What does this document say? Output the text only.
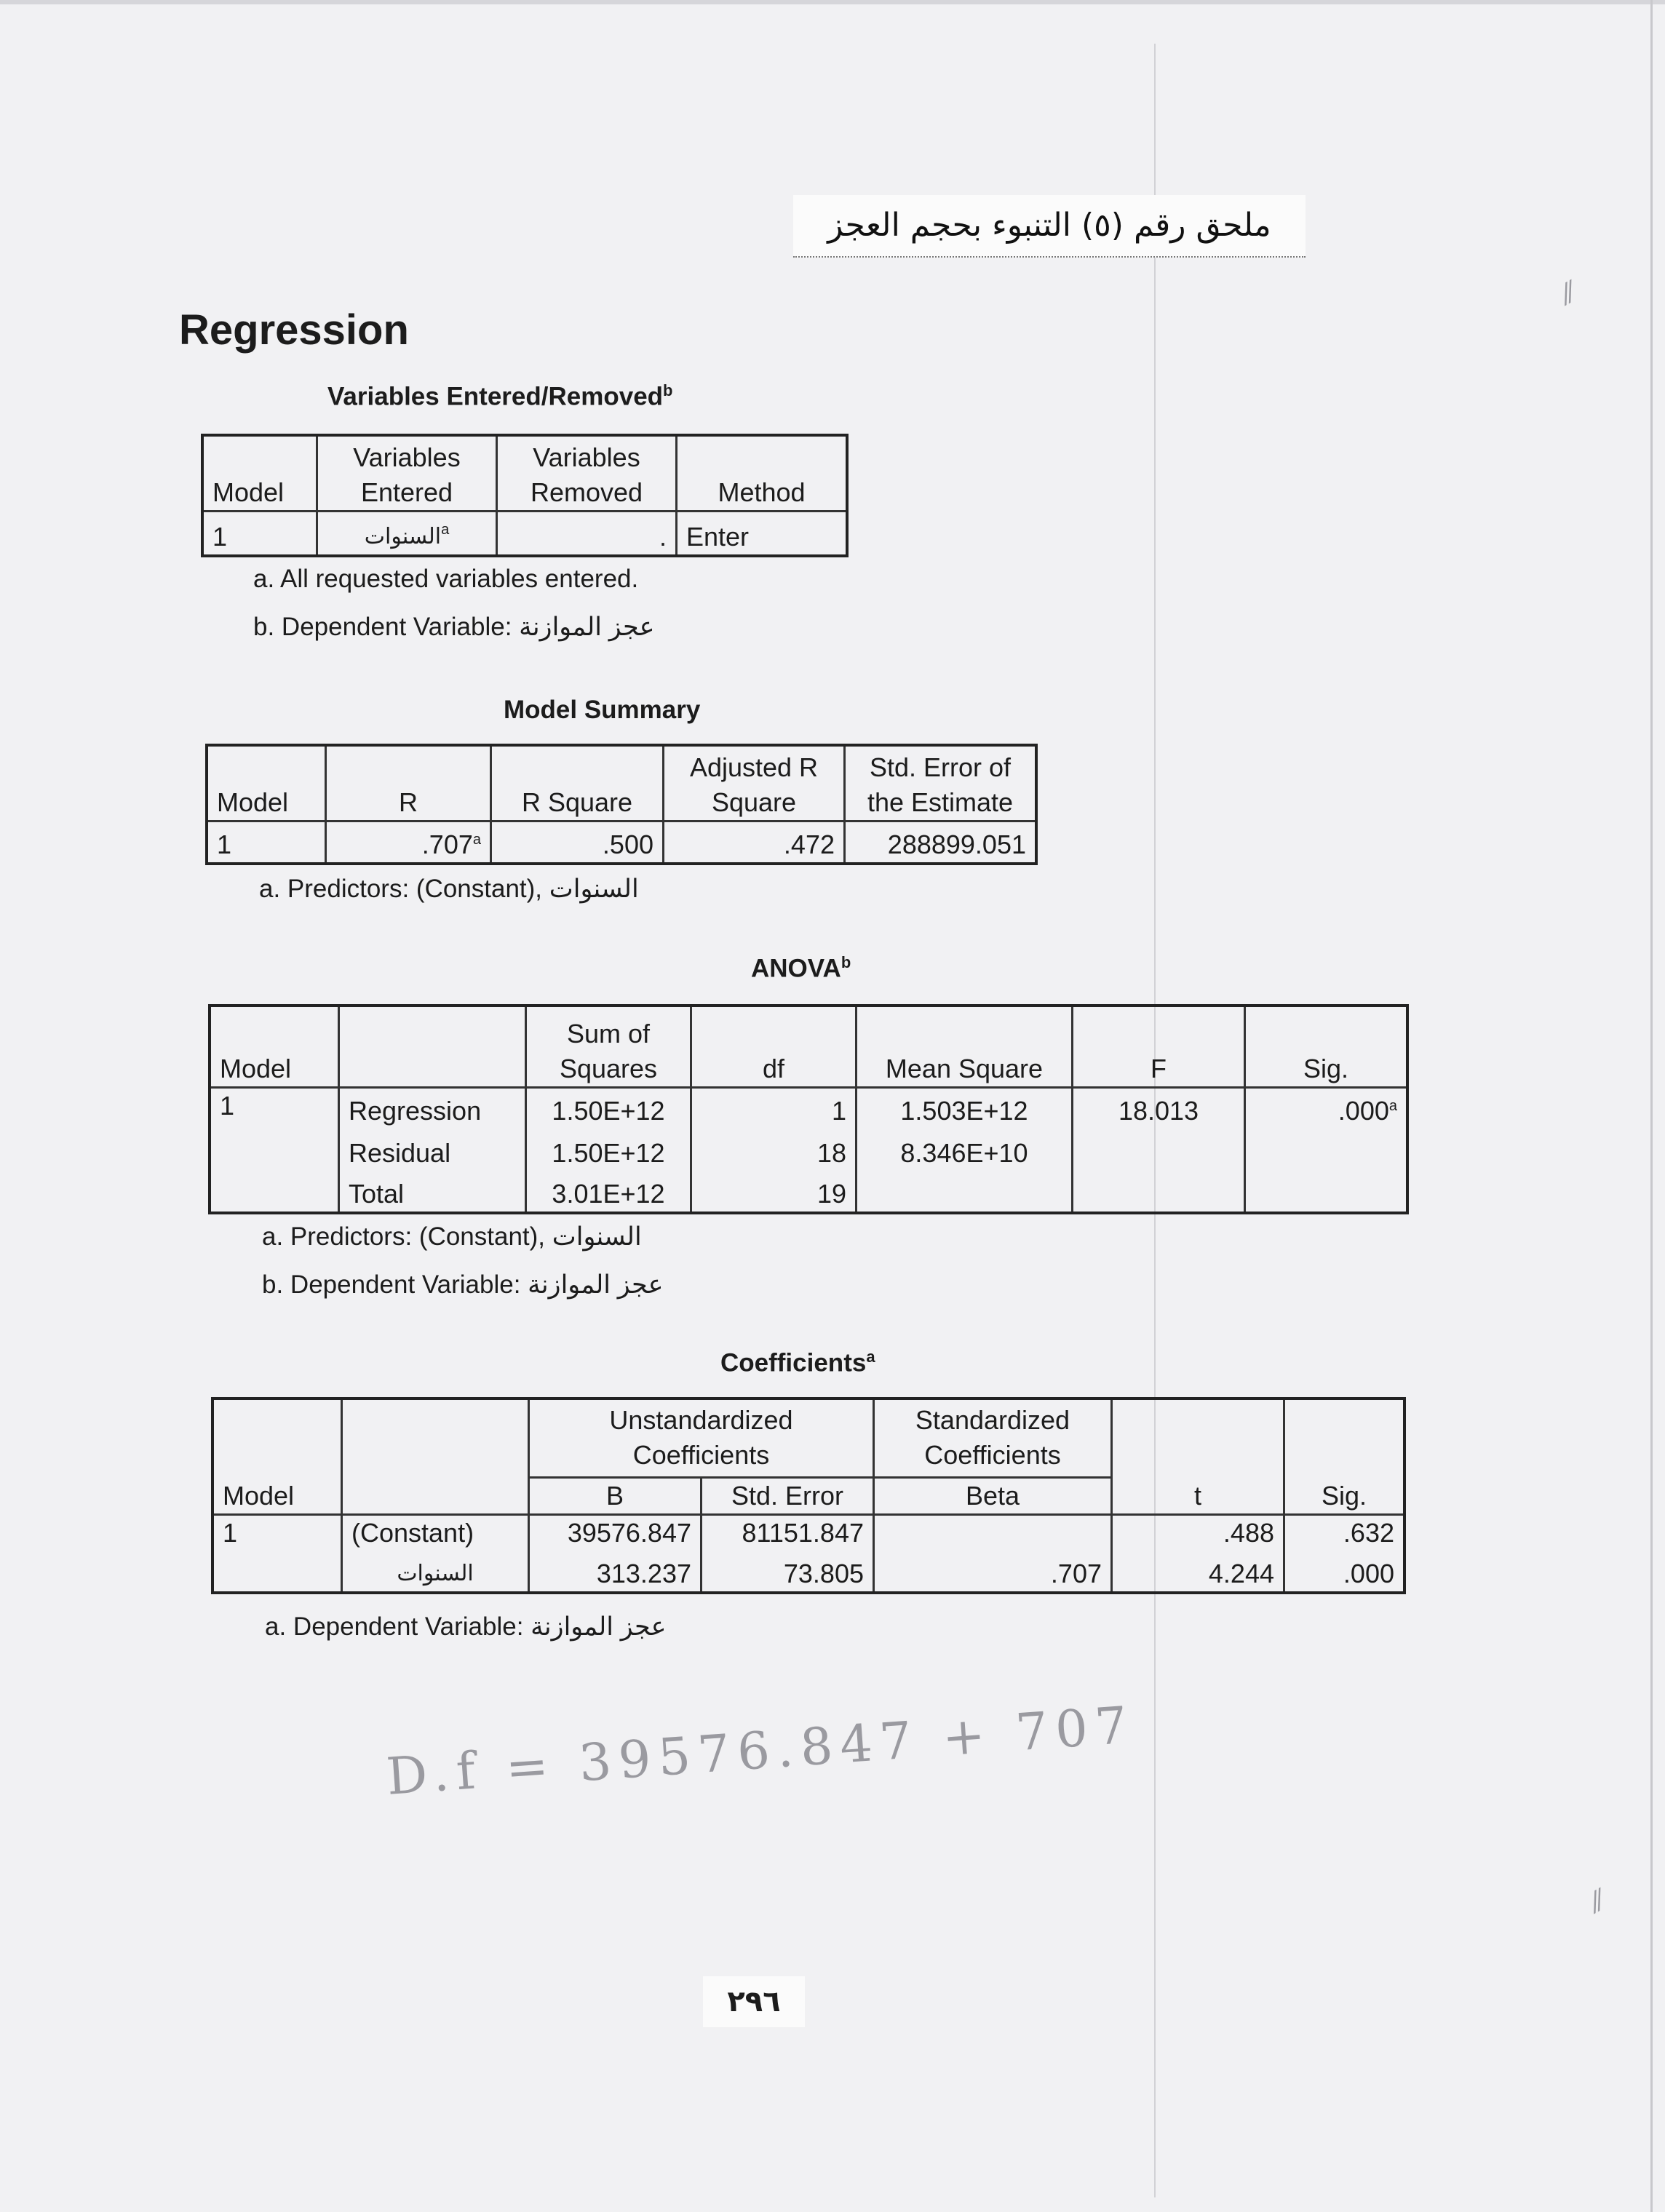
ملحق رقم (٥) التنبوء بحجم العجز
Regression
Variables Entered/Removed$^b$
Model	Variables Entered	Variables Removed	Method
1	السنوات$^a$	.	Enter
a. All requested variables entered.
b. Dependent Variable: عجز الموازنة
Model Summary
Model	R	R Square	Adjusted R Square	Std. Error of the Estimate
1	.707$^a$	.500	.472	288899.051
a. Predictors: (Constant), السنوات
ANOVA$^b$
Model		Sum of Squares	df	Mean Square	F	Sig.
1	Regression	1.50E+12	1	1.503E+12	18.013	.000$^a$
	Residual	1.50E+12	18	8.346E+10		
	Total	3.01E+12	19			
a. Predictors: (Constant), السنوات
b. Dependent Variable: عجز الموازنة
Coefficients$^a$
Model		Unstandardized Coefficients		Standardized Coefficients	t	Sig.
		B	Std. Error	Beta		
1	(Constant)	39576.847	81151.847		.488	.632
	السنوات	313.237	73.805	.707	4.244	.000
a. Dependent Variable: عجز الموازنة
D.f = 39576.847 + 707
٢٩٦
⁄⁄
⁄⁄
